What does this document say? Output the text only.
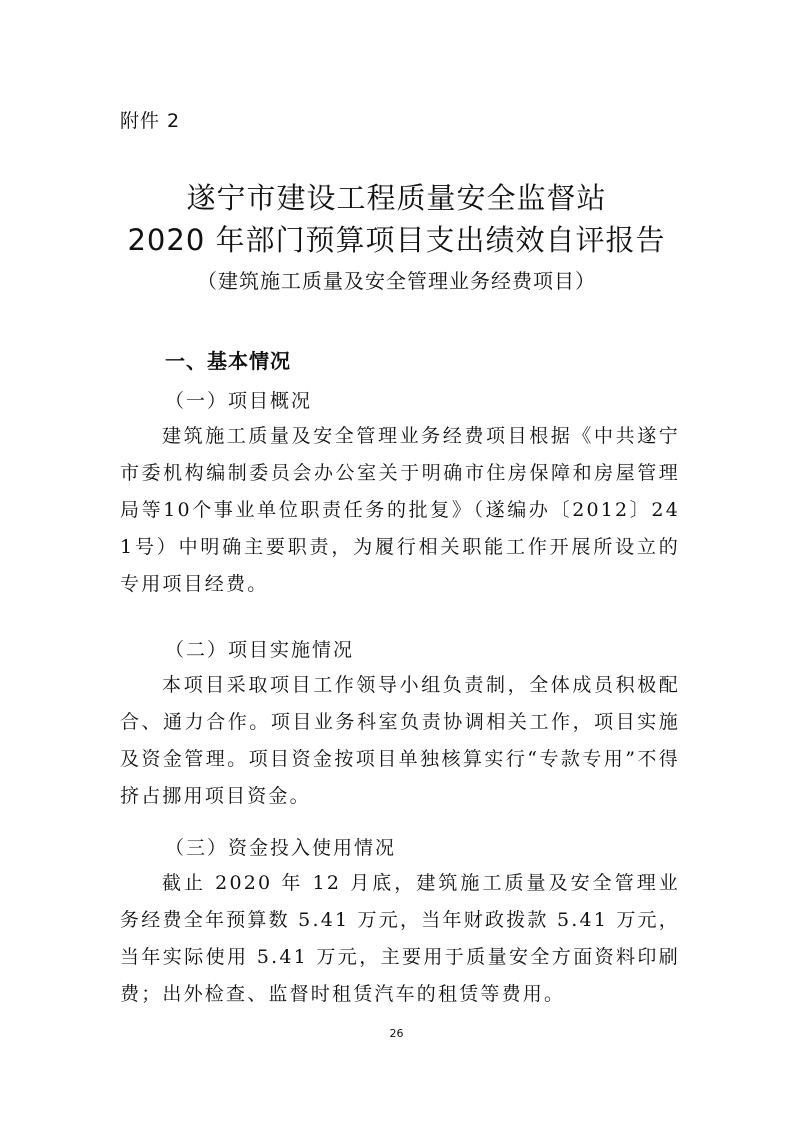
附件 2
遂宁市建设工程质量安全监督站
2020 年部门预算项目支出绩效自评报告
（建筑施工质量及安全管理业务经费项目）
一、基本情况
（一）项目概况
建筑施工质量及安全管理业务经费项目根据《中共遂宁市委机构编制委员会办公室关于明确市住房保障和房屋管理局等10个事业单位职责任务的批复》（遂编办〔2012〕241号）中明确主要职责，为履行相关职能工作开展所设立的专用项目经费。
（二）项目实施情况
本项目采取项目工作领导小组负责制，全体成员积极配合、通力合作。项目业务科室负责协调相关工作，项目实施及资金管理。项目资金按项目单独核算实行“专款专用”不得挤占挪用项目资金。
（三）资金投入使用情况
截止 2020 年 12 月底，建筑施工质量及安全管理业务经费全年预算数 5.41 万元，当年财政拨款 5.41 万元，当年实际使用 5.41 万元，主要用于质量安全方面资料印刷费；出外检查、监督时租赁汽车的租赁等费用。
26
